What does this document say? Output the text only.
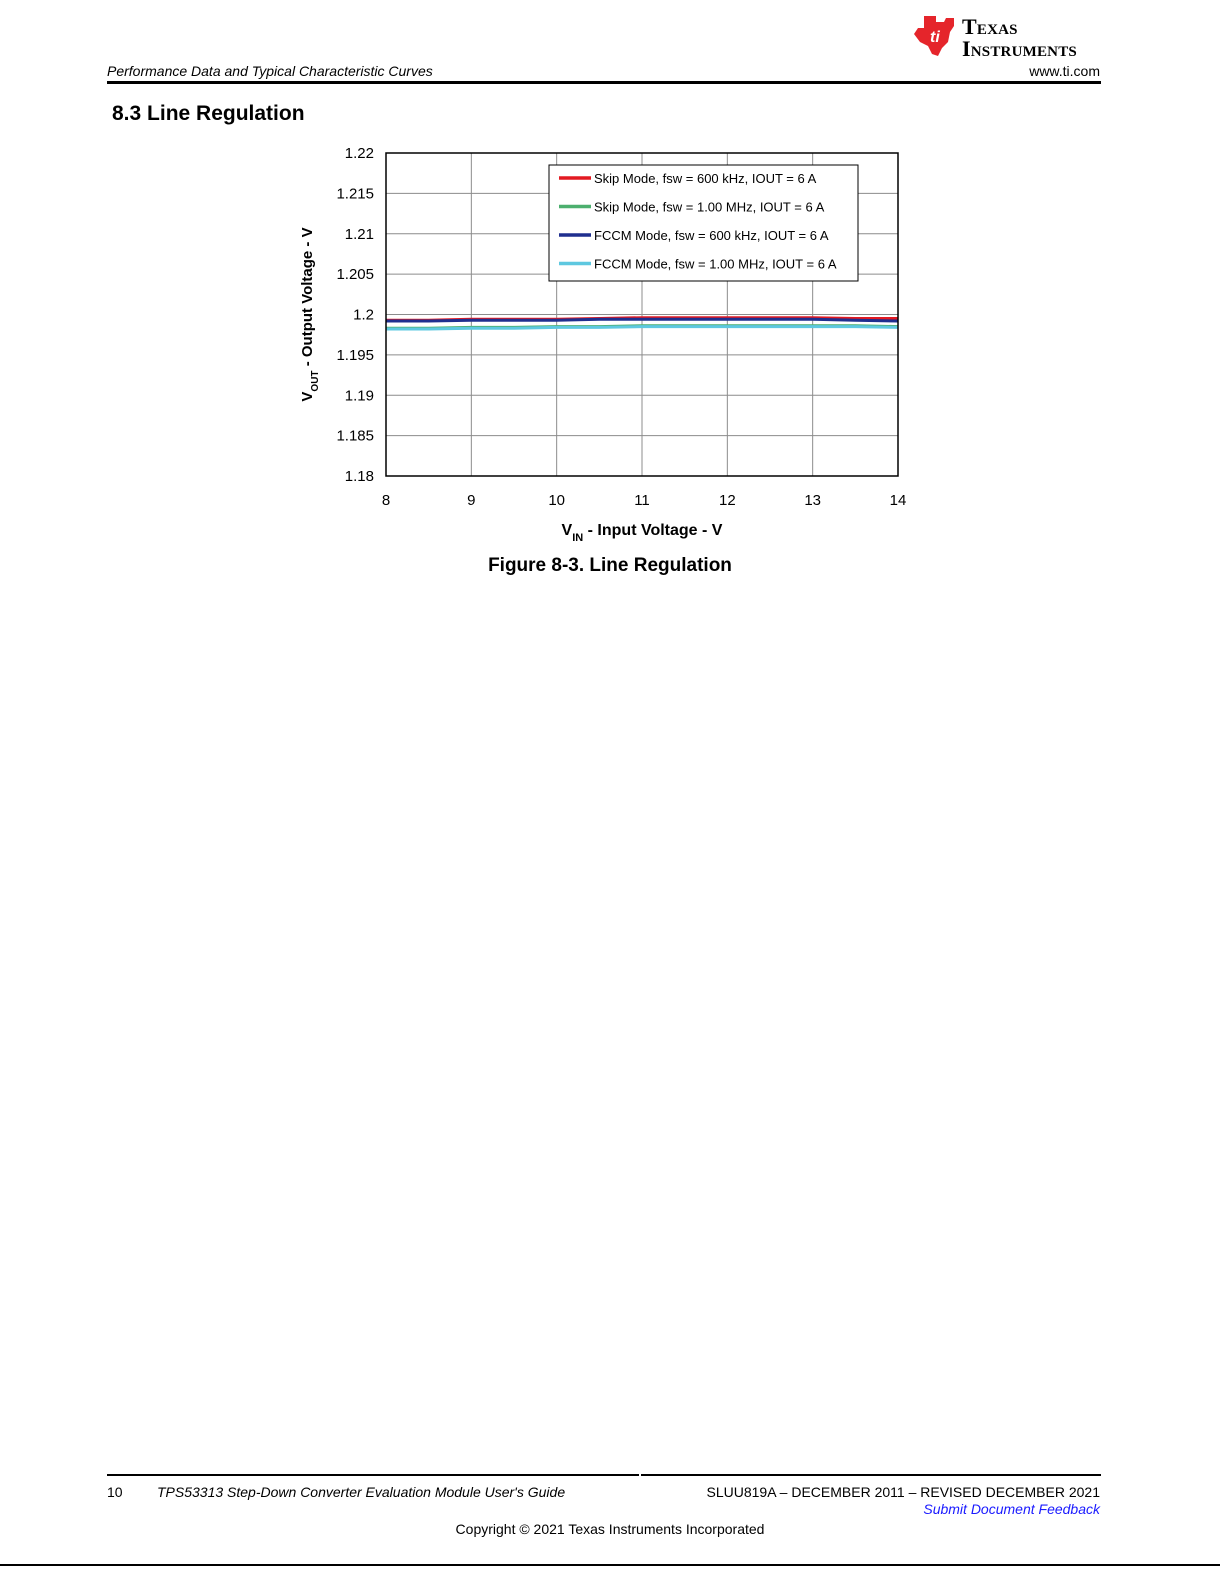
Performance Data and Typical Characteristic Curves	www.ti.com
ti Texas
Instruments
8.3 Line Regulation
1.18
1.185
1.19
1.195
1.2
1.205
1.21
1.215
1.22
8	9	10	11	12	13	14
Skip Mode, fsw = 600 kHz, IOUT = 6 A
Skip Mode, fsw = 1.00 MHz, IOUT = 6 A
FCCM Mode, fsw = 600 kHz, IOUT = 6 A
FCCM Mode, fsw = 1.00 MHz, IOUT = 6 A
$V_{IN}$ - Input Voltage - V
$V_{OUT}$ - Output Voltage - V
Figure 8-3. Line Regulation
10 TPS53313 Step-Down Converter Evaluation Module User's Guide	SLUU819A – DECEMBER 2011 – REVISED DECEMBER 2021
Submit Document Feedback
Copyright © 2021 Texas Instruments Incorporated
